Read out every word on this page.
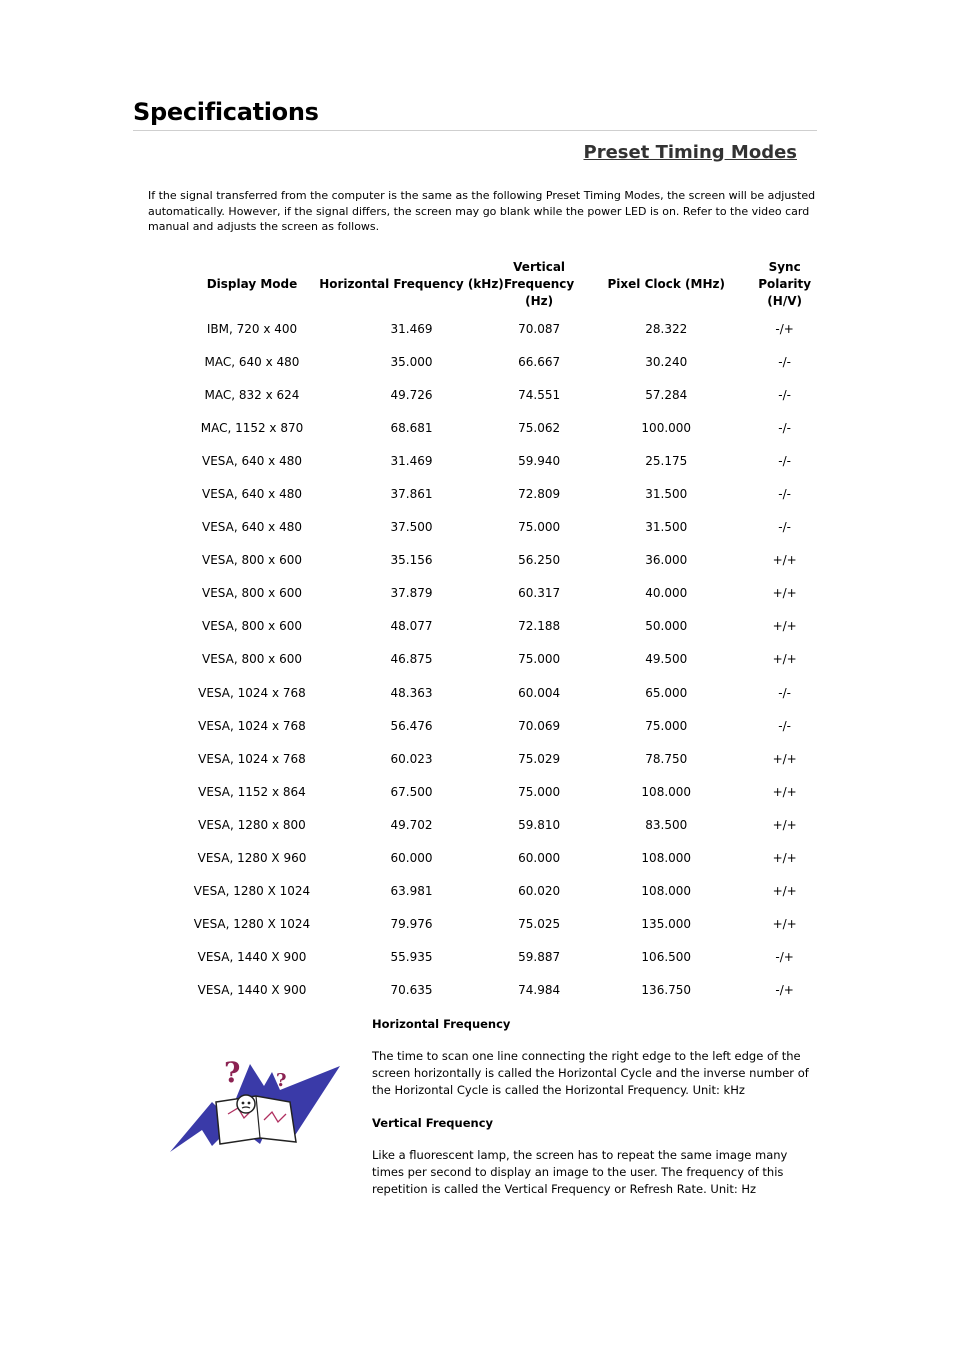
Specifications
Preset Timing Modes

If the signal transferred from the computer is the same as the following Preset Timing Modes, the screen will be adjusted automatically. However, if the signal differs, the screen may go blank while the power LED is on. Refer to the video card manual and adjusts the screen as follows.

Display Mode	Horizontal Frequency (kHz)	Vertical Frequency (Hz)	Pixel Clock (MHz)	Sync Polarity (H/V)
IBM, 720 x 400	31.469	70.087	28.322	-/+
MAC, 640 x 480	35.000	66.667	30.240	-/-
MAC, 832 x 624	49.726	74.551	57.284	-/-
MAC, 1152 x 870	68.681	75.062	100.000	-/-
VESA, 640 x 480	31.469	59.940	25.175	-/-
VESA, 640 x 480	37.861	72.809	31.500	-/-
VESA, 640 x 480	37.500	75.000	31.500	-/-
VESA, 800 x 600	35.156	56.250	36.000	+/+
VESA, 800 x 600	37.879	60.317	40.000	+/+
VESA, 800 x 600	48.077	72.188	50.000	+/+
VESA, 800 x 600	46.875	75.000	49.500	+/+
VESA, 1024 x 768	48.363	60.004	65.000	-/-
VESA, 1024 x 768	56.476	70.069	75.000	-/-
VESA, 1024 x 768	60.023	75.029	78.750	+/+
VESA, 1152 x 864	67.500	75.000	108.000	+/+
VESA, 1280 x 800	49.702	59.810	83.500	+/+
VESA, 1280 X 960	60.000	60.000	108.000	+/+
VESA, 1280 X 1024	63.981	60.020	108.000	+/+
VESA, 1280 X 1024	79.976	75.025	135.000	+/+
VESA, 1440 X 900	55.935	59.887	106.500	-/+
VESA, 1440 X 900	70.635	74.984	136.750	-/+
? ?

Horizontal Frequency

The time to scan one line connecting the right edge to the left edge of the screen horizontally is called the Horizontal Cycle and the inverse number of the Horizontal Cycle is called the Horizontal Frequency. Unit: kHz

Vertical Frequency

Like a fluorescent lamp, the screen has to repeat the same image many times per second to display an image to the user. The frequency of this repetition is called the Vertical Frequency or Refresh Rate. Unit: Hz
